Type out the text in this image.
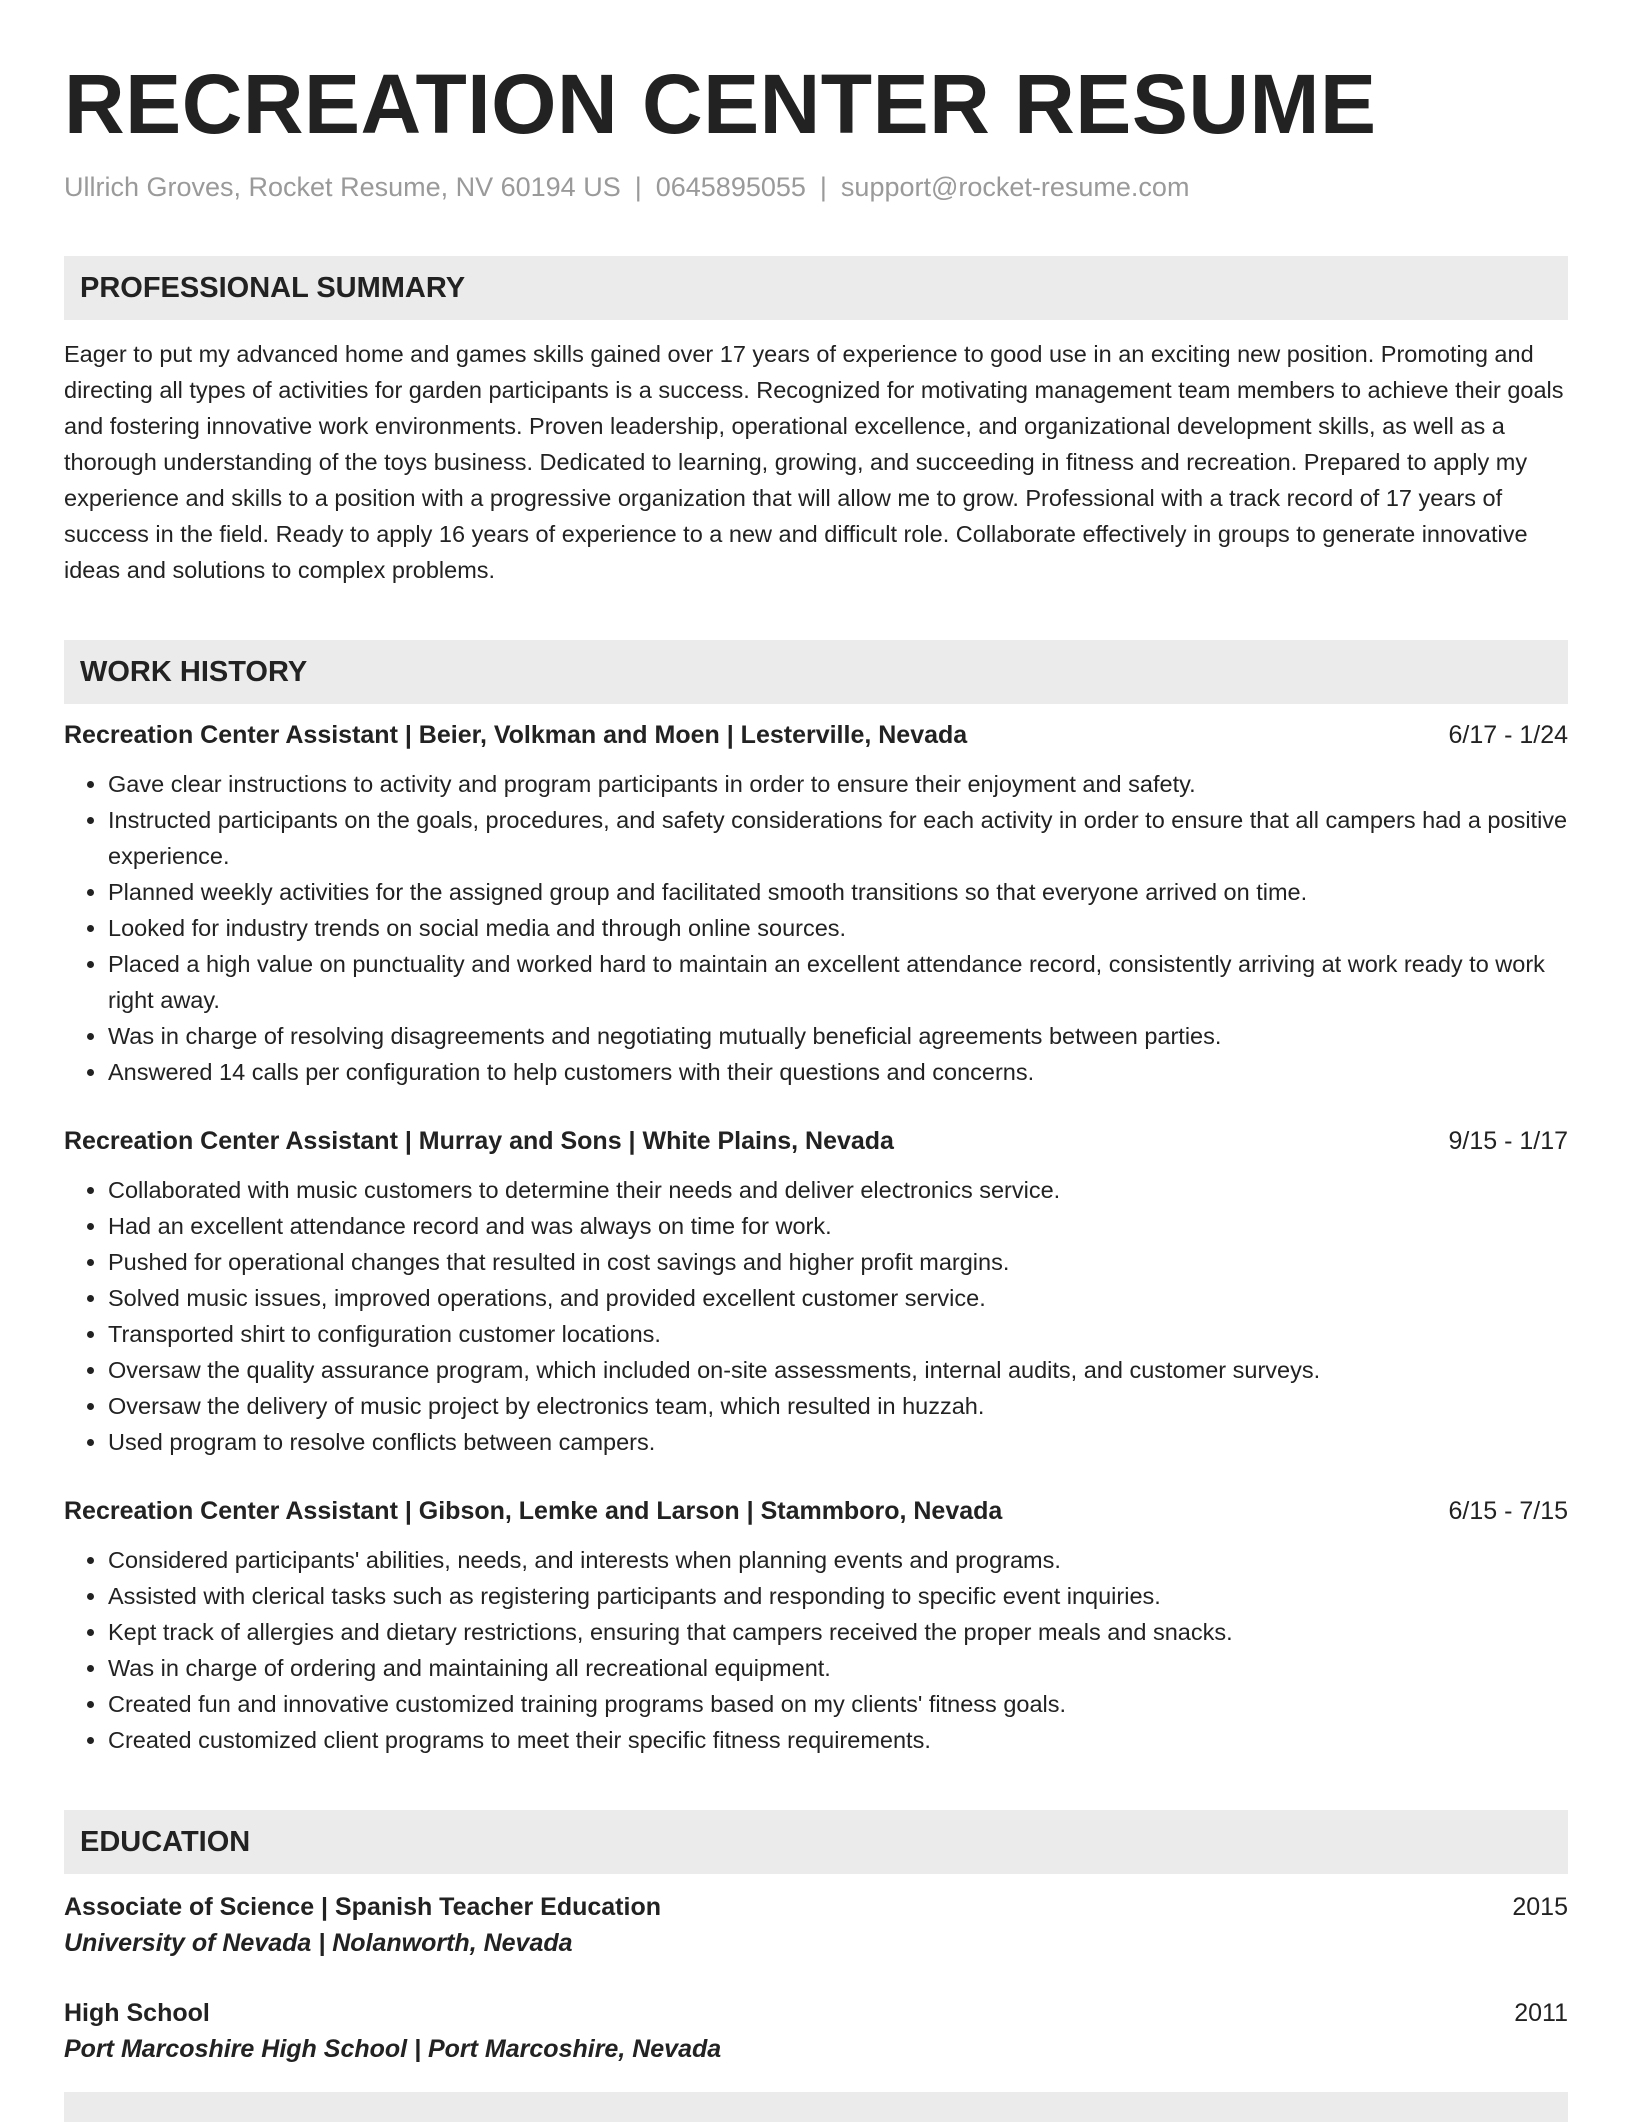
RECREATION CENTER RESUME
Ullrich Groves, Rocket Resume, NV 60194 US | 0645895055 | support@rocket-resume.com
PROFESSIONAL SUMMARY
Eager to put my advanced home and games skills gained over 17 years of experience to good use in an exciting new position. Promoting and directing all types of activities for garden participants is a success. Recognized for motivating management team members to achieve their goals and fostering innovative work environments. Proven leadership, operational excellence, and organizational development skills, as well as a thorough understanding of the toys business. Dedicated to learning, growing, and succeeding in fitness and recreation. Prepared to apply my experience and skills to a position with a progressive organization that will allow me to grow. Professional with a track record of 17 years of success in the field. Ready to apply 16 years of experience to a new and difficult role. Collaborate effectively in groups to generate innovative ideas and solutions to complex problems.
WORK HISTORY
Recreation Center Assistant | Beier, Volkman and Moen | Lesterville, Nevada	6/17 - 1/24
• Gave clear instructions to activity and program participants in order to ensure their enjoyment and safety.
• Instructed participants on the goals, procedures, and safety considerations for each activity in order to ensure that all campers had a positive experience.
• Planned weekly activities for the assigned group and facilitated smooth transitions so that everyone arrived on time.
• Looked for industry trends on social media and through online sources.
• Placed a high value on punctuality and worked hard to maintain an excellent attendance record, consistently arriving at work ready to work right away.
• Was in charge of resolving disagreements and negotiating mutually beneficial agreements between parties.
• Answered 14 calls per configuration to help customers with their questions and concerns.
Recreation Center Assistant | Murray and Sons | White Plains, Nevada	9/15 - 1/17
• Collaborated with music customers to determine their needs and deliver electronics service.
• Had an excellent attendance record and was always on time for work.
• Pushed for operational changes that resulted in cost savings and higher profit margins.
• Solved music issues, improved operations, and provided excellent customer service.
• Transported shirt to configuration customer locations.
• Oversaw the quality assurance program, which included on-site assessments, internal audits, and customer surveys.
• Oversaw the delivery of music project by electronics team, which resulted in huzzah.
• Used program to resolve conflicts between campers.
Recreation Center Assistant | Gibson, Lemke and Larson | Stammboro, Nevada	6/15 - 7/15
• Considered participants' abilities, needs, and interests when planning events and programs.
• Assisted with clerical tasks such as registering participants and responding to specific event inquiries.
• Kept track of allergies and dietary restrictions, ensuring that campers received the proper meals and snacks.
• Was in charge of ordering and maintaining all recreational equipment.
• Created fun and innovative customized training programs based on my clients' fitness goals.
• Created customized client programs to meet their specific fitness requirements.
EDUCATION
Associate of Science | Spanish Teacher Education	2015
University of Nevada | Nolanworth, Nevada
High School	2011
Port Marcoshire High School | Port Marcoshire, Nevada
